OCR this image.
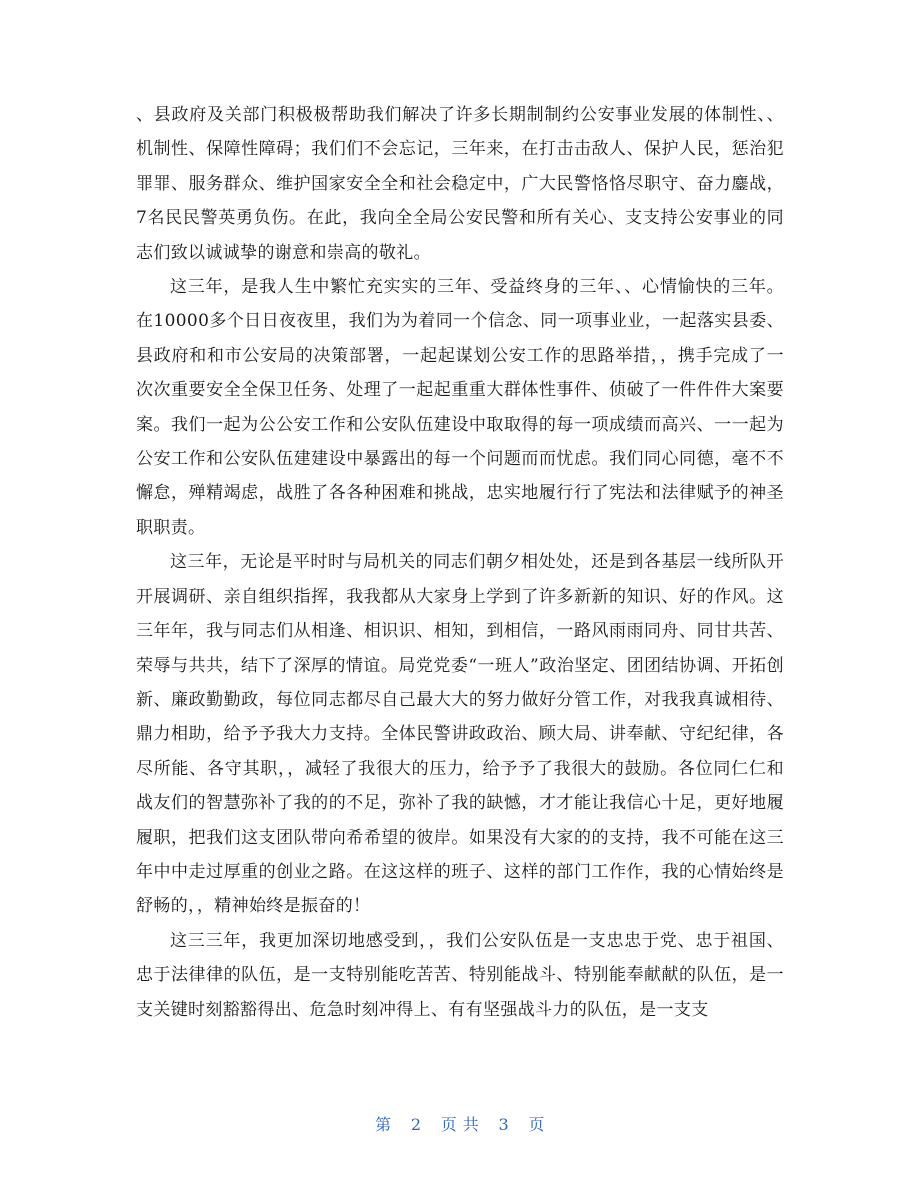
、县政府及关部门积极极帮助我们解决了许多长期制制约公安事业发展的体制性、、机制性、保障性障碍；我们们不会忘记，三年来，在打击击敌人、保护人民，惩治犯罪罪、服务群众、维护国家安全全和社会稳定中，广大民警恪恪尽职守、奋力鏖战，7名民民警英勇负伤。在此，我向全全局公安民警和所有关心、支支持公安事业的同志们致以诚诚挚的谢意和崇高的敬礼。

这三年，是我人生中繁忙充实实的三年、受益终身的三年、、心情愉快的三年。在10000多个日日夜夜里，我们为为着同一个信念、同一项事业业，一起落实县委、县政府和和市公安局的决策部署，一起起谋划公安工作的思路举措，，携手完成了一次次重要安全全保卫任务、处理了一起起重重大群体性事件、侦破了一件件件大案要案。我们一起为公公安工作和公安队伍建设中取取得的每一项成绩而高兴、一一起为公安工作和公安队伍建建设中暴露出的每一个问题而而忧虑。我们同心同德，毫不不懈怠，殚精竭虑，战胜了各各种困难和挑战，忠实地履行行了宪法和法律赋予的神圣职职责。

这三年，无论是平时时与局机关的同志们朝夕相处处，还是到各基层一线所队开开展调研、亲自组织指挥，我我都从大家身上学到了许多新新的知识、好的作风。这三年年，我与同志们从相逢、相识识、相知，到相信，一路风雨雨同舟、同甘共苦、荣辱与共共，结下了深厚的情谊。局党党委“一班人”政治坚定、团团结协调、开拓创新、廉政勤勤政，每位同志都尽自己最大大的努力做好分管工作，对我我真诚相待、鼎力相助，给予予我大力支持。全体民警讲政政治、顾大局、讲奉献、守纪纪律，各尽所能、各守其职，，减轻了我很大的压力，给予予了我很大的鼓励。各位同仁仁和战友们的智慧弥补了我的的不足，弥补了我的缺憾，才才能让我信心十足，更好地履履职，把我们这支团队带向希希望的彼岸。如果没有大家的的支持，我不可能在这三年中中走过厚重的创业之路。在这这样的班子、这样的部门工作作，我的心情始终是舒畅的，，精神始终是振奋的！

这三三年，我更加深切地感受到，，我们公安队伍是一支忠忠于党、忠于祖国、忠于法律律的队伍，是一支特别能吃苦苦、特别能战斗、特别能奉献献的队伍，是一支关键时刻豁豁得出、危急时刻冲得上、有有坚强战斗力的队伍，是一支支

第 2 页 共 3 页
